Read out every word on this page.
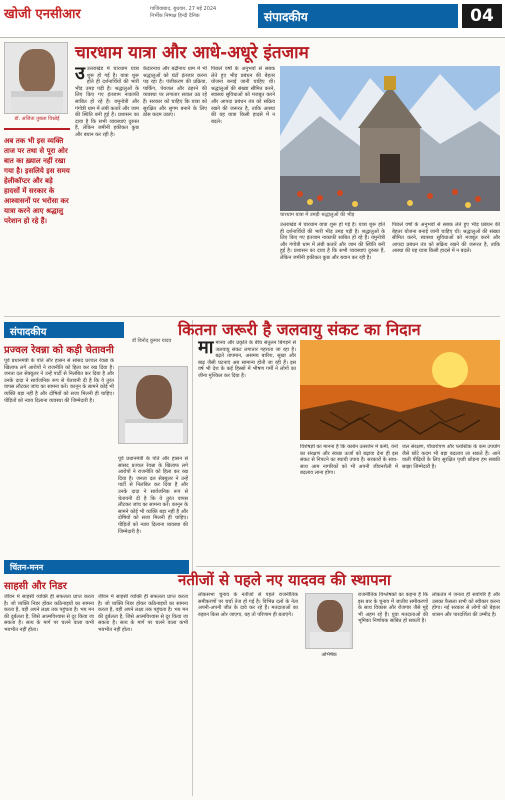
खोजी एनसीआर	गाजियाबाद, बुधवार, 27 मई 2024
निर्भीक निष्पक्ष हिन्दी दैनिक	संपादकीय	04
चारधाम यात्रा और आधे-अधूरे इंतजाम
डॉ. अजिता तुबला विश्नोई
अब तक भी इस व्यक्ति ताज पर तथा से पूरा ओर बात का ख़्याल नहीं रखा गया है। इसलिये इस समय हेलीकॉप्टर और बड़े हादसों में सरकार के आश्वासनों पर भरोसा कर यात्रा करने आए श्रद्धालु परेशान हो रहे हैं।
उउत्तराखंड में चारधाम यात्रा शुरू हो गई है। यात्रा शुरू होते ही दर्शनार्थियों की भारी भीड़ उमड़ पड़ी है। श्रद्धालुओं के लिए किए गए इंतजाम नाकाफी साबित हो रहे हैं। यमुनोत्री और गंगोत्री धाम में लंबी कतारें और जाम की स्थिति बनी हुई है। प्रशासन का दावा है कि सभी व्यवस्थाएं दुरुस्त हैं, लेकिन जमीनी हकीकत कुछ और बयान कर रही है।
केदारनाथ और बद्रीनाथ धाम में भी श्रद्धालुओं को घंटों इंतजार करना पड़ रहा है। पंजीकरण की प्रक्रिया, पार्किंग, पेयजल और ठहरने की व्यवस्था पर लगातार सवाल उठ रहे हैं। सरकार को चाहिए कि यात्रा को सुरक्षित और सुगम बनाने के लिए ठोस कदम उठाए।
पिछले वर्षों के अनुभवों से सबक लेते हुए भीड़ प्रबंधन की बेहतर योजना बनाई जानी चाहिए थी। श्रद्धालुओं की संख्या सीमित करने, स्वास्थ्य सुविधाओं को मजबूत करने और आपदा प्रबंधन तंत्र को सक्रिय रखने की जरूरत है, ताकि आस्था की यह यात्रा किसी हादसे में न बदले।
चारधाम यात्रा में उमड़ी श्रद्धालुओं की भीड़
उत्तराखंड में चारधाम यात्रा शुरू हो गई है। यात्रा शुरू होते ही दर्शनार्थियों की भारी भीड़ उमड़ पड़ी है। श्रद्धालुओं के लिए किए गए इंतजाम नाकाफी साबित हो रहे हैं। यमुनोत्री और गंगोत्री धाम में लंबी कतारें और जाम की स्थिति बनी हुई है। प्रशासन का दावा है कि सभी व्यवस्थाएं दुरुस्त हैं, लेकिन जमीनी हकीकत कुछ और बयान कर रही है।
पिछले वर्षों के अनुभवों से सबक लेते हुए भीड़ प्रबंधन की बेहतर योजना बनाई जानी चाहिए थी। श्रद्धालुओं की संख्या सीमित करने, स्वास्थ्य सुविधाओं को मजबूत करने और आपदा प्रबंधन तंत्र को सक्रिय रखने की जरूरत है, ताकि आस्था की यह यात्रा किसी हादसे में न बदले।
संपादकीय
प्रज्वल रेवन्ना को कड़ी चेतावनी
पूर्व प्रधानमंत्री के पोते और हासन से सांसद प्रज्वल रेवन्ना के खिलाफ लगे आरोपों ने राजनीति को हिला कर रख दिया है। जनता दल सेक्युलर ने उन्हें पार्टी से निलंबित कर दिया है और उनके दादा ने सार्वजनिक रूप से चेतावनी दी है कि वे तुरंत वापस लौटकर जांच का सामना करें। कानून के सामने कोई भी व्यक्ति बड़ा नहीं है और दोषियों को सजा मिलनी ही चाहिए। पीड़ितों को न्याय दिलाना व्यवस्था की जिम्मेदारी है।
पूर्व प्रधानमंत्री के पोते और हासन से सांसद प्रज्वल रेवन्ना के खिलाफ लगे आरोपों ने राजनीति को हिला कर रख दिया है। जनता दल सेक्युलर ने उन्हें पार्टी से निलंबित कर दिया है और उनके दादा ने सार्वजनिक रूप से चेतावनी दी है कि वे तुरंत वापस लौटकर जांच का सामना करें। कानून के सामने कोई भी व्यक्ति बड़ा नहीं है और दोषियों को सजा मिलनी ही चाहिए। पीड़ितों को न्याय दिलाना व्यवस्था की जिम्मेदारी है।
चिंतन-मनन
साहसी और निडर
जीवन में साहसी व्यक्ति ही सफलता प्राप्त करता है। जो व्यक्ति निडर होकर कठिनाइयों का सामना करता है, वही अपने लक्ष्य तक पहुंचता है। भय मन की दुर्बलता है, जिसे आत्मविश्वास से दूर किया जा सकता है। सत्य के मार्ग पर चलने वाला कभी भयभीत नहीं होता।
जीवन में साहसी व्यक्ति ही सफलता प्राप्त करता है। जो व्यक्ति निडर होकर कठिनाइयों का सामना करता है, वही अपने लक्ष्य तक पहुंचता है। भय मन की दुर्बलता है, जिसे आत्मविश्वास से दूर किया जा सकता है। सत्य के मार्ग पर चलने वाला कभी भयभीत नहीं होता।
कितना जरूरी है जलवायु संकट का निदान
डॉ विनोद कुमार यादव मामानव और प्रकृति के बीच संतुलन बिगड़ने से जलवायु संकट लगातार गहराता जा रहा है। बढ़ते तापमान, असमय बारिश, सूखा और बाढ़ जैसी घटनाएं अब सामान्य होती जा रही हैं। इस वर्ष भी देश के कई हिस्सों में भीषण गर्मी ने लोगों का जीना मुश्किल कर दिया है।
विशेषज्ञों का मानना है कि कार्बन उत्सर्जन में कमी, वनों का संरक्षण और स्वच्छ ऊर्जा को बढ़ावा देना ही इस संकट से निपटने का स्थायी उपाय है। सरकारों के साथ-साथ आम नागरिकों को भी अपनी जीवनशैली में बदलाव लाना होगा।
जल संरक्षण, पौधारोपण और प्लास्टिक के कम उपयोग जैसे छोटे कदम भी बड़ा बदलाव ला सकते हैं। आने वाली पीढ़ियों के लिए सुरक्षित पृथ्वी छोड़ना हम सबकी साझा जिम्मेदारी है।
नतीजों से पहले नए यादवव की स्थापना
लोकसभा चुनाव के नतीजों से पहले राजनीतिक समीकरणों पर चर्चा तेज हो गई है। विभिन्न दलों के नेता अपनी-अपनी जीत के दावे कर रहे हैं। मतदाताओं का रुझान किस ओर जाएगा, यह तो परिणाम ही बताएंगे।
अभिषेक
राजनीतिक विश्लेषकों का कहना है कि इस बार के चुनाव में जातीय समीकरणों के साथ विकास और रोजगार जैसे मुद्दे भी अहम रहे हैं। युवा मतदाताओं की भूमिका निर्णायक साबित हो सकती है।
लोकतंत्र में जनता ही सर्वोपरि है और उसका फैसला सभी को स्वीकार करना होगा। नई सरकार से लोगों को बेहतर शासन और पारदर्शिता की उम्मीद है।
